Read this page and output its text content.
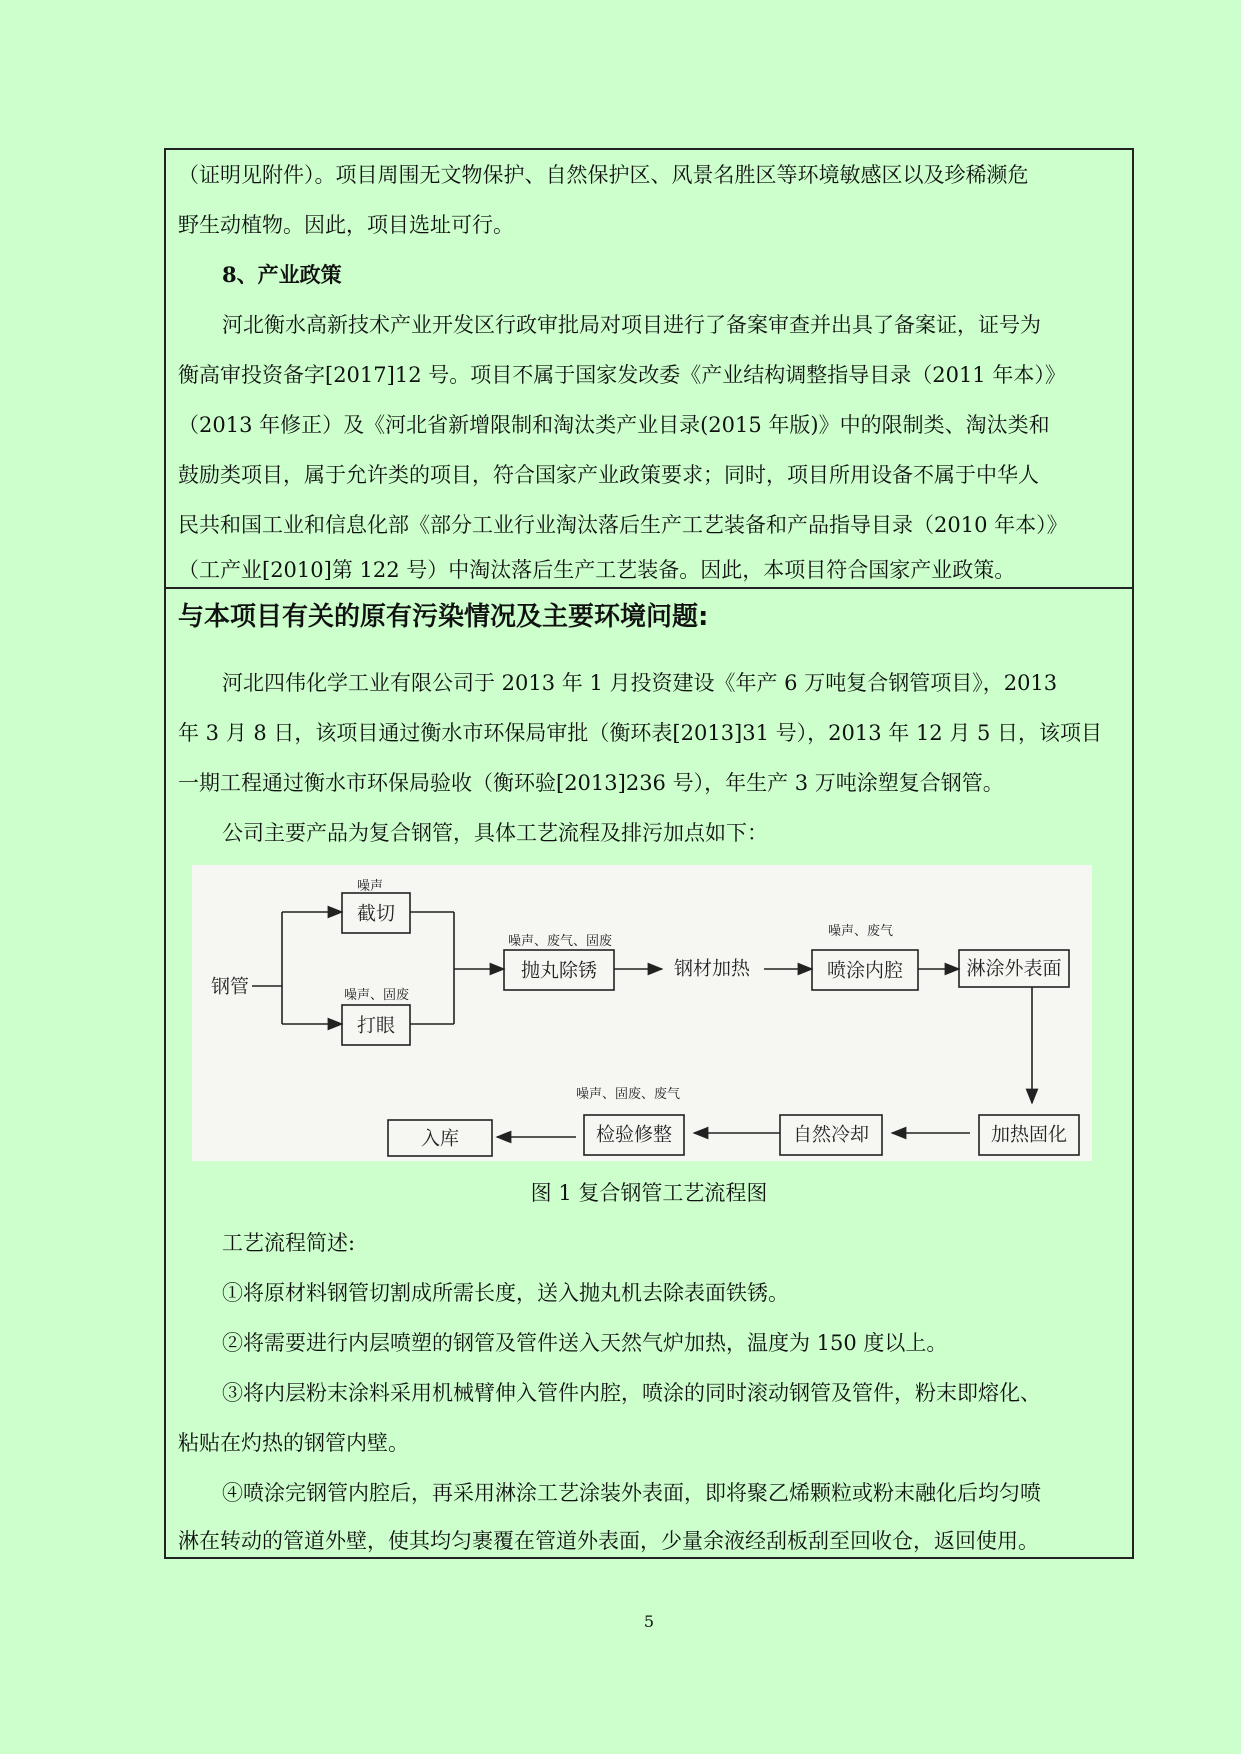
（证明见附件）。项目周围无文物保护、自然保护区、风景名胜区等环境敏感区以及珍稀濒危
野生动植物。因此，项目选址可行。
8、产业政策
河北衡水高新技术产业开发区行政审批局对项目进行了备案审查并出具了备案证，证号为
衡高审投资备字[2017]12 号。项目不属于国家发改委《产业结构调整指导目录（2011 年本）》
（2013 年修正）及《河北省新增限制和淘汰类产业目录(2015 年版)》中的限制类、淘汰类和
鼓励类项目，属于允许类的项目，符合国家产业政策要求；同时，项目所用设备不属于中华人
民共和国工业和信息化部《部分工业行业淘汰落后生产工艺装备和产品指导目录（2010 年本）》
（工产业[2010]第 122 号）中淘汰落后生产工艺装备。因此，本项目符合国家产业政策。
与本项目有关的原有污染情况及主要环境问题:
河北四伟化学工业有限公司于 2013 年 1 月投资建设《年产 6 万吨复合钢管项目》，2013
年 3 月 8 日，该项目通过衡水市环保局审批（衡环表[2013]31 号），2013 年 12 月 5 日，该项目
一期工程通过衡水市环保局验收（衡环验[2013]236 号），年生产 3 万吨涂塑复合钢管。
公司主要产品为复合钢管，具体工艺流程及排污加点如下：
钢管
截切
打眼
抛丸除锈	钢材加热	喷涂内腔	淋涂外表面
加热固化
自然冷却
检验修整
入库
噪声
噪声、固废
噪声、废气、固废
噪声、废气
噪声、固废、废气
图 1 复合钢管工艺流程图
工艺流程简述:
①将原材料钢管切割成所需长度，送入抛丸机去除表面铁锈。
②将需要进行内层喷塑的钢管及管件送入天然气炉加热，温度为 150 度以上。
③将内层粉末涂料采用机械臂伸入管件内腔，喷涂的同时滚动钢管及管件，粉末即熔化、
粘贴在灼热的钢管内壁。
④喷涂完钢管内腔后，再采用淋涂工艺涂装外表面，即将聚乙烯颗粒或粉末融化后均匀喷
淋在转动的管道外壁，使其均匀裹覆在管道外表面，少量余液经刮板刮至回收仓，返回使用。
5
